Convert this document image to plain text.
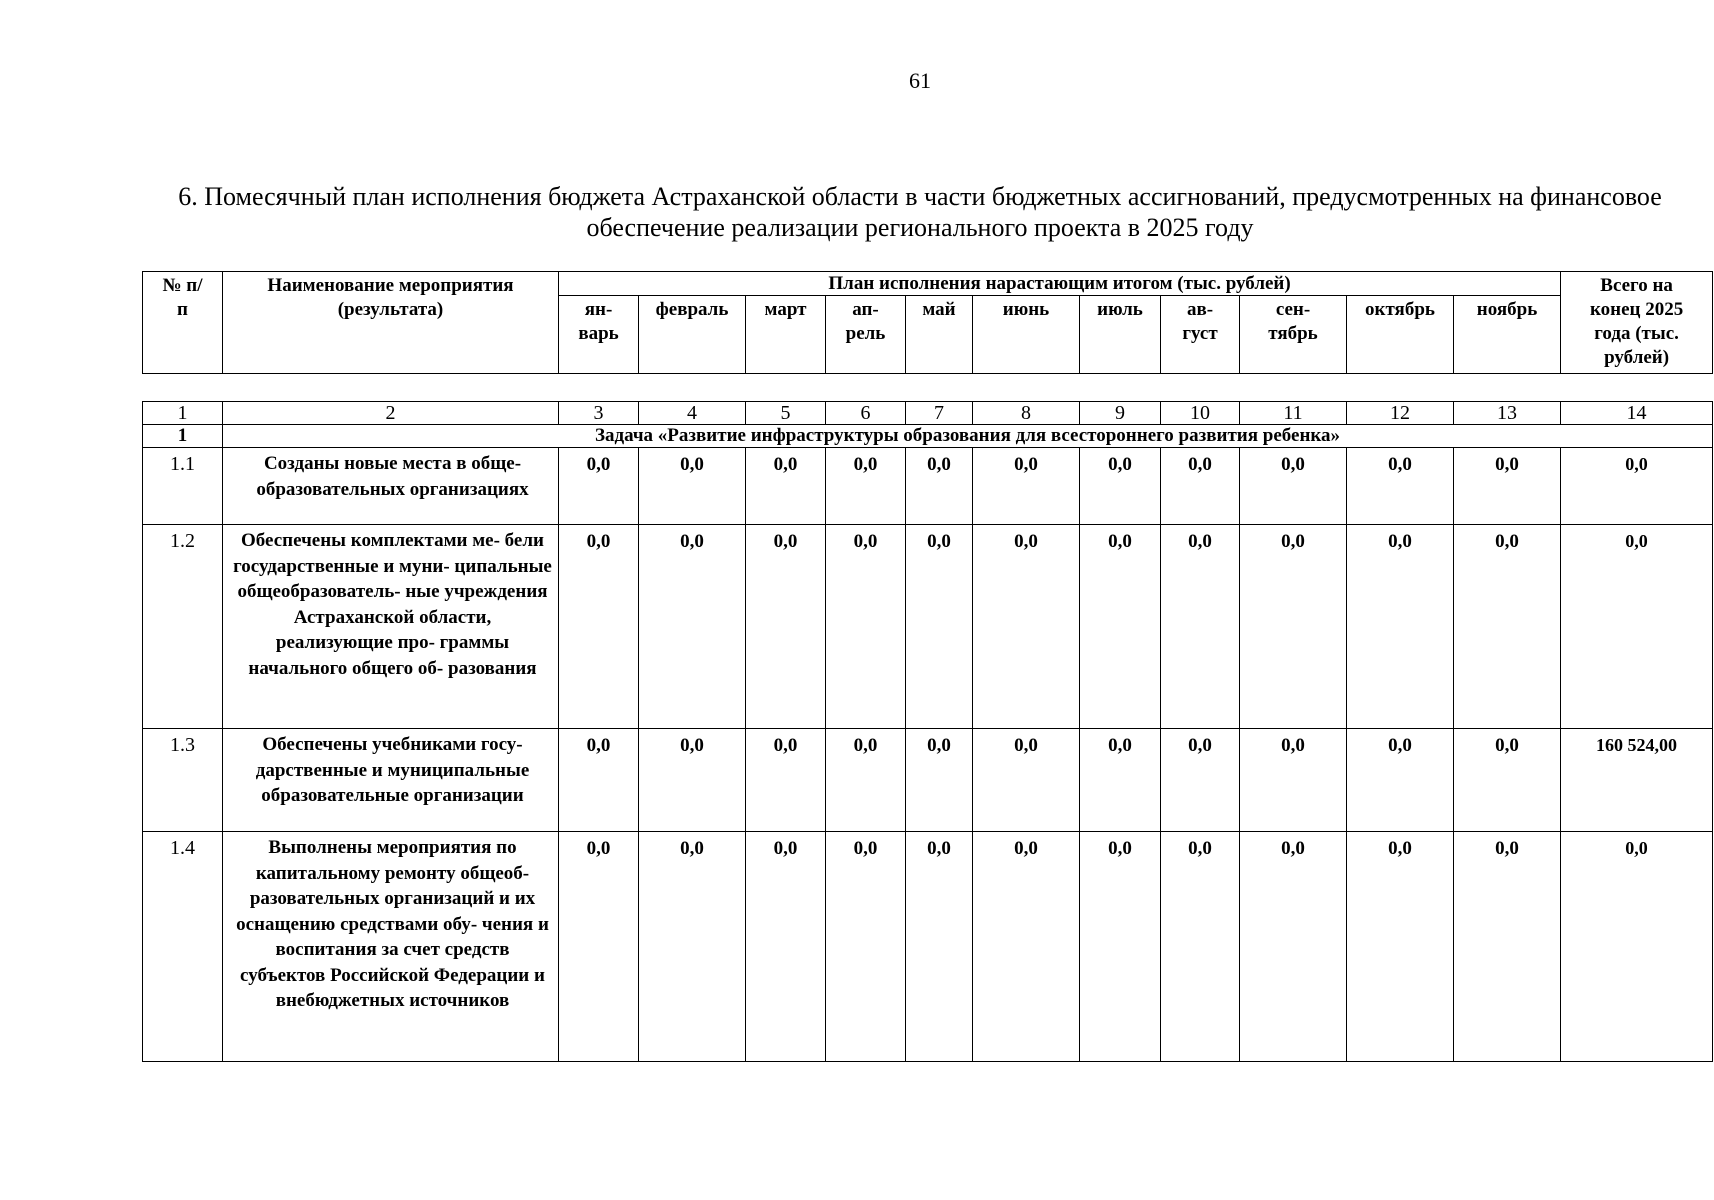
61
6. Помесячный план исполнения бюджета Астраханской области в части бюджетных ассигнований, предусмотренных на финансовое обеспечение реализации регионального проекта в 2025 году
№ п/п	Наименование мероприятия (результата)	План исполнения нарастающим итогом (тыс. рублей)											Всего на конец 2025 года (тыс. рублей)
		ян- варь	февраль	март	ап- рель	май	июнь	июль	ав- густ	сен- тябрь	октябрь	ноябрь	
1	2	3	4	5	6	7	8	9	10	11	12	13	14
1	Задача «Развитие инфраструктуры образования для всестороннего развития ребенка»												
1.1	Созданы новые места в обще- образовательных организациях	0,0	0,0	0,0	0,0	0,0	0,0	0,0	0,0	0,0	0,0	0,0	0,0
1.2	Обеспечены комплектами ме- бели государственные и муни- ципальные общеобразователь- ные учреждения Астраханской области, реализующие про- граммы начального общего об- разования	0,0	0,0	0,0	0,0	0,0	0,0	0,0	0,0	0,0	0,0	0,0	0,0
1.3	Обеспечены учебниками госу- дарственные и муниципальные образовательные организации	0,0	0,0	0,0	0,0	0,0	0,0	0,0	0,0	0,0	0,0	0,0	160 524,00
1.4	Выполнены мероприятия по капитальному ремонту общеоб- разовательных организаций и их оснащению средствами обу- чения и воспитания за счет средств субъектов Российской Федерации и внебюджетных источников	0,0	0,0	0,0	0,0	0,0	0,0	0,0	0,0	0,0	0,0	0,0	0,0
